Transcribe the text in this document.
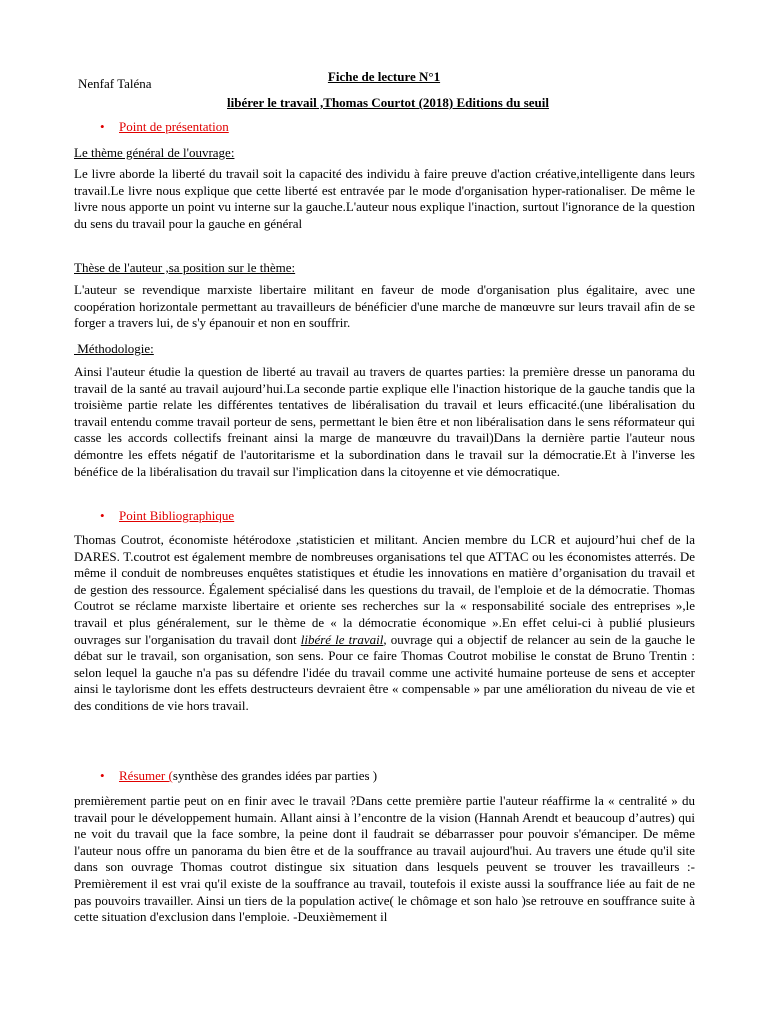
Nenfaf Taléna	Fiche de lecture N°1
libérer le travail ,Thomas Courtot (2018) Editions du seuil
• Point de présentation
Le thème général de l'ouvrage:
Le livre aborde la liberté du travail soit la capacité des individu à faire preuve d'action créative,intelligente dans leurs travail.Le livre nous explique que cette liberté est entravée par le mode d'organisation hyper-rationaliser. De même le livre nous apporte un point vu interne sur la gauche.L'auteur nous explique l'inaction, surtout l'ignorance de la question du sens du travail pour la gauche en général
Thèse de l'auteur ,sa position sur le thème:
L'auteur se revendique marxiste libertaire militant en faveur de mode d'organisation plus égalitaire, avec une coopération horizontale permettant au travailleurs de bénéficier d'une marche de manœuvre sur leurs travail afin de se forger a travers lui, de s'y épanouir et non en souffrir.
Méthodologie:
Ainsi l'auteur étudie la question de liberté au travail au travers de quartes parties: la première dresse un panorama du travail de la santé au travail aujourd’hui.La seconde partie explique elle l'inaction historique de la gauche tandis que la troisième partie relate les différentes tentatives de libéralisation du travail et leurs efficacité.(une libéralisation du travail entendu comme travail porteur de sens, permettant le bien être et non libéralisation dans le sens réformateur qui casse les accords collectifs freinant ainsi la marge de manœuvre du travail)Dans la dernière partie l'auteur nous démontre les effets négatif de l'autoritarisme et la subordination dans le travail sur la démocratie.Et à l'inverse les bénéfice de la libéralisation du travail sur l'implication dans la citoyenne et vie démocratique.
• Point Bibliographique
Thomas Coutrot, économiste hétérodoxe ,statisticien et militant. Ancien membre du LCR et aujourd’hui chef de la DARES. T.coutrot est également membre de nombreuses organisations tel que ATTAC ou les économistes atterrés. De même il conduit de nombreuses enquêtes statistiques et étudie les innovations en matière d’organisation du travail et de gestion des ressource. Également spécialisé dans les questions du travail, de l'emploie et de la démocratie. Thomas Coutrot se réclame marxiste libertaire et oriente ses recherches sur la « responsabilité sociale des entreprises »,le travail et plus généralement, sur le thème de « la démocratie économique ».En effet celui-ci à publié plusieurs ouvrages sur l'organisation du travail dont libéré le travail, ouvrage qui a objectif de relancer au sein de la gauche le débat sur le travail, son organisation, son sens. Pour ce faire Thomas Coutrot mobilise le constat de Bruno Trentin : selon lequel la gauche n'a pas su défendre l'idée du travail comme une activité humaine porteuse de sens et accepter ainsi le taylorisme dont les effets destructeurs devraient être « compensable » par une amélioration du niveau de vie et des conditions de vie hors travail.
• Résumer (synthèse des grandes idées par parties )
premièrement partie peut on en finir avec le travail ?Dans cette première partie l'auteur réaffirme la « centralité » du travail pour le développement humain. Allant ainsi à l’encontre de la vision (Hannah Arendt et beaucoup d’autres) qui ne voit du travail que la face sombre, la peine dont il faudrait se débarrasser pour pouvoir s'émanciper. De même l'auteur nous offre un panorama du bien être et de la souffrance au travail aujourd'hui. Au travers une étude qu'il site dans son ouvrage Thomas coutrot distingue six situation dans lesquels peuvent se trouver les travailleurs :- Premièrement il est vrai qu'il existe de la souffrance au travail, toutefois il existe aussi la souffrance liée au fait de ne pas pouvoirs travailler. Ainsi un tiers de la population active( le chômage et son halo )se retrouve en souffrance suite à cette situation d'exclusion dans l'emploie. -Deuxièmement il
